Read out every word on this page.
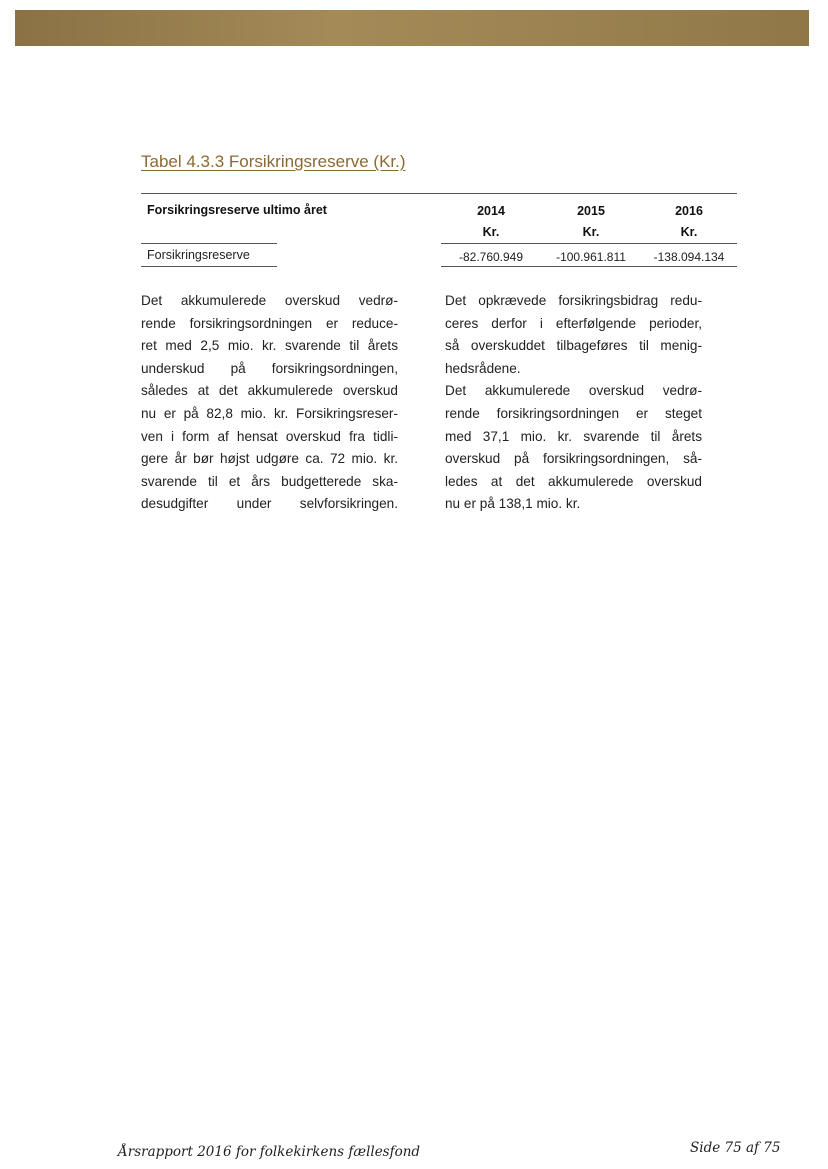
Tabel 4.3.3 Forsikringsreserve (Kr.)
Forsikringsreserve ultimo året	2014	2015	2016
Kr.	Kr.	Kr.
Forsikringsreserve	-82.760.949	-100.961.811	-138.094.134
Det akkumulerede overskud vedrø-
rende forsikringsordningen er reduce-
ret med 2,5 mio. kr. svarende til årets
underskud på forsikringsordningen,
således at det akkumulerede overskud
nu er på 82,8 mio. kr. Forsikringsreser-
ven i form af hensat overskud fra tidli-
gere år bør højst udgøre ca. 72 mio. kr.
svarende til et års budgetterede ska-
desudgifter under selvforsikringen.
Det opkrævede forsikringsbidrag redu-
ceres derfor i efterfølgende perioder,
så overskuddet tilbageføres til menig-
hedsrådene.
Det akkumulerede overskud vedrø-
rende forsikringsordningen er steget
med 37,1 mio. kr. svarende til årets
overskud på forsikringsordningen, så-
ledes at det akkumulerede overskud
nu er på 138,1 mio. kr.
Årsrapport 2016 for folkekirkens fællesfond	Side 75 af 75
